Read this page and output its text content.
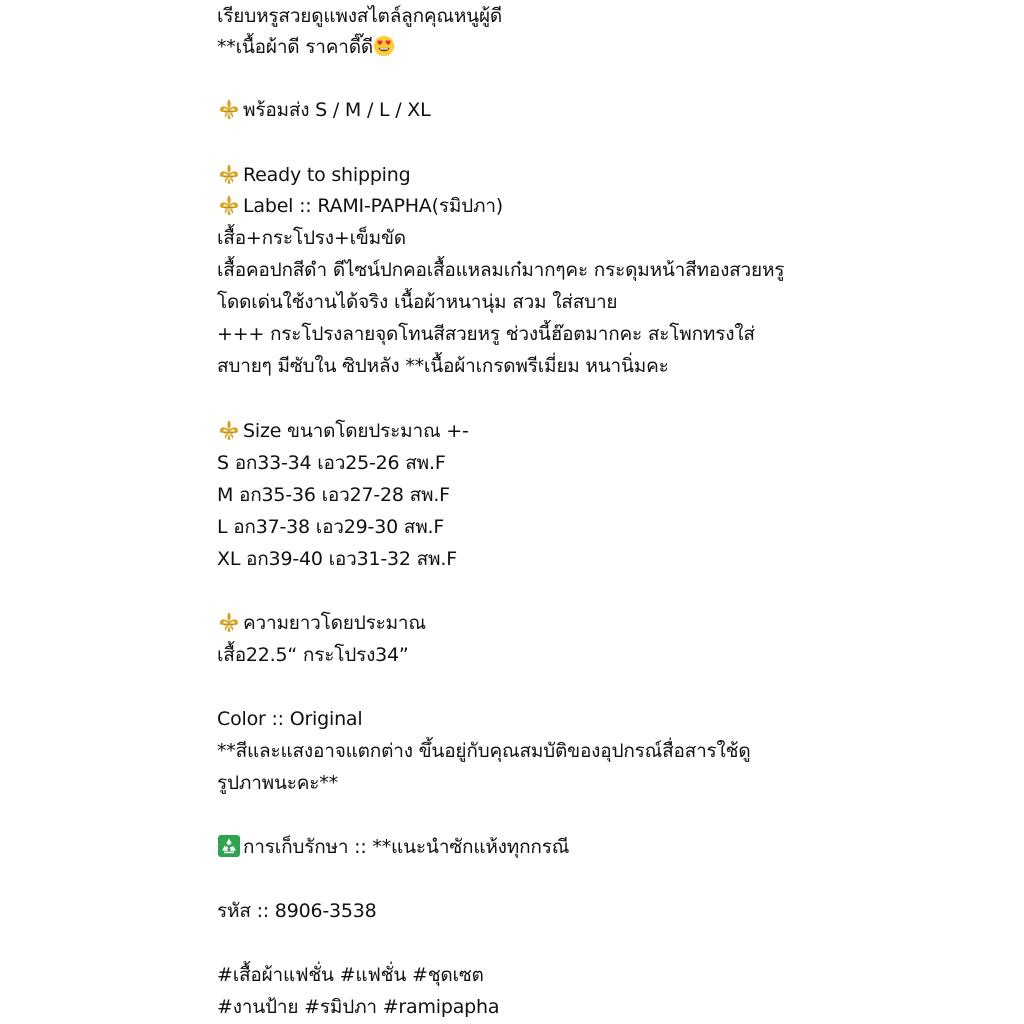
เรียบหรูสวยดูแพงสไตล์ลูกคุณหนูผู้ดี
**เนื้อผ้าดี ราคาดี๊ดี
พร้อมส่ง S / M / L / XL
Ready to shipping
Label :: RAMI-PAPHA(รมิปภา)
เสื้อ+กระโปรง+เข็มขัด
เสื้อคอปกสีดำ ดีไซน์ปกคอเสื้อแหลมเก๋มากๆคะ กระดุมหน้าสีทองสวยหรู
โดดเด่นใช้งานได้จริง เนื้อผ้าหนานุ่ม สวม ใส่สบาย
+++ กระโปรงลายจุดโทนสีสวยหรู ช่วงนี้ฮ๊อตมากคะ สะโพกทรงใส่
สบายๆ มีซับใน ซิปหลัง **เนื้อผ้าเกรดพรีเมี่ยม หนานิ่มคะ
Size ขนาดโดยประมาณ +-
S อก33-34 เอว25-26 สพ.F
M อก35-36 เอว27-28 สพ.F
L อก37-38 เอว29-30 สพ.F
XL อก39-40 เอว31-32 สพ.F
ความยาวโดยประมาณ
เสื้อ22.5“ กระโปรง34”
Color :: Original
**สีและแสงอาจแตกต่าง ขึ้นอยู่กับคุณสมบัติของอุปกรณ์สื่อสารใช้ดู
รูปภาพนะคะ**
การเก็บรักษา :: **แนะนำซักแห้งทุกกรณี
รหัส :: 8906-3538
#เสื้อผ้าแฟชั่น #แฟชั่น #ชุดเซต
#งานป้าย #รมิปภา #ramipapha
